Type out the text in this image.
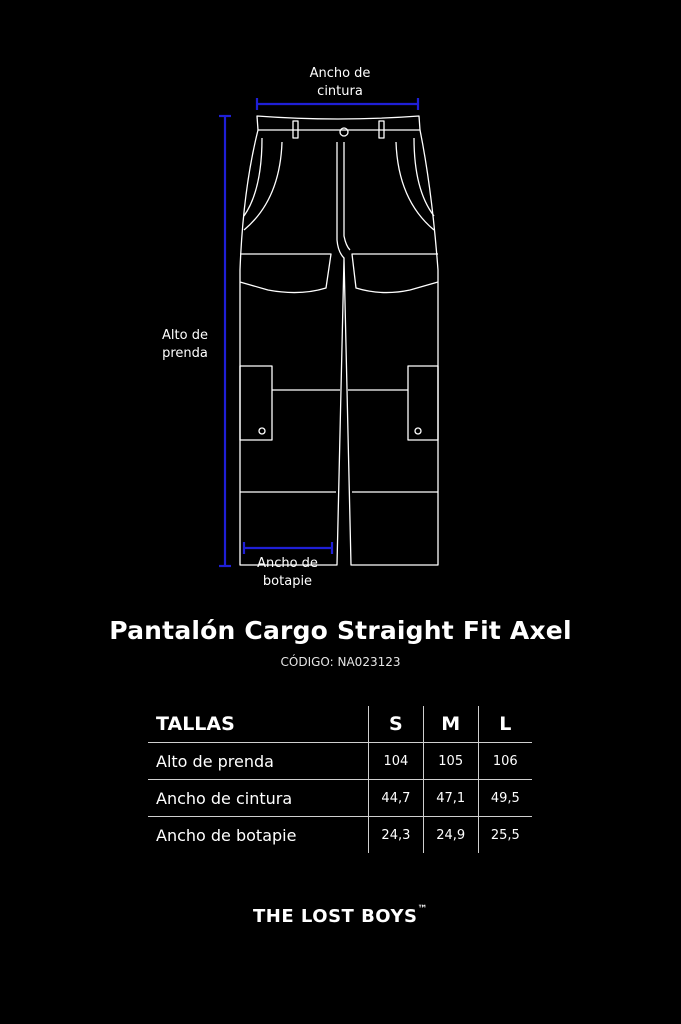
Ancho de
cintura
Alto de
prenda
Ancho de
botapie
Pantalón Cargo Straight Fit Axel
CÓDIGO: NA023123
TALLAS	S	M	L
Alto de prenda	104	105	106
Ancho de cintura	44,7	47,1	49,5
Ancho de botapie	24,3	24,9	25,5
THE LOST BOYS™
